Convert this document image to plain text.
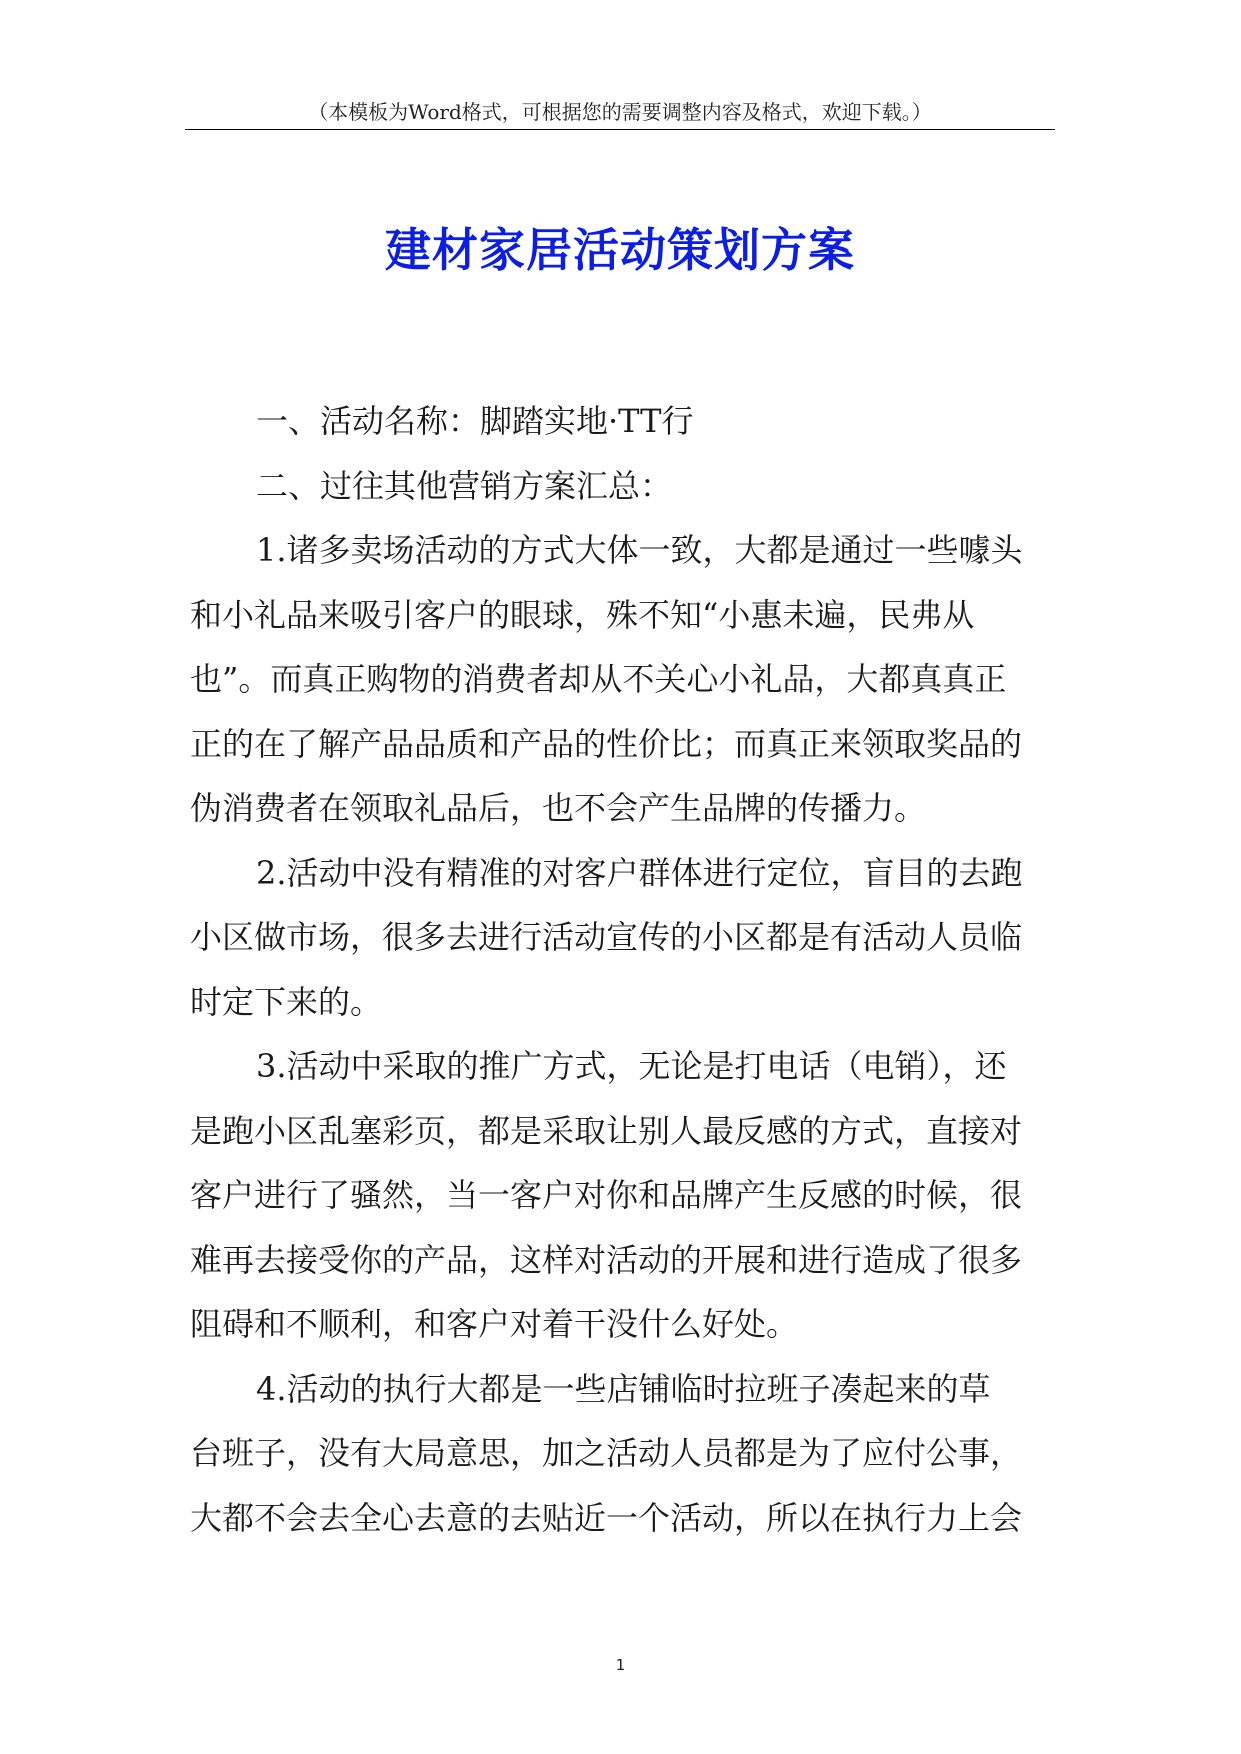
（本模板为Word格式，可根据您的需要调整内容及格式，欢迎下载。）
建材家居活动策划方案
一、活动名称：脚踏实地·TT行
二、过往其他营销方案汇总：
1.诸多卖场活动的方式大体一致，大都是通过一些噱头
和小礼品来吸引客户的眼球，殊不知“小惠未遍，民弗从
也”。而真正购物的消费者却从不关心小礼品，大都真真正
正的在了解产品品质和产品的性价比；而真正来领取奖品的
伪消费者在领取礼品后，也不会产生品牌的传播力。
2.活动中没有精准的对客户群体进行定位，盲目的去跑
小区做市场，很多去进行活动宣传的小区都是有活动人员临
时定下来的。
3.活动中采取的推广方式，无论是打电话（电销），还
是跑小区乱塞彩页，都是采取让别人最反感的方式，直接对
客户进行了骚然，当一客户对你和品牌产生反感的时候，很
难再去接受你的产品，这样对活动的开展和进行造成了很多
阻碍和不顺利，和客户对着干没什么好处。
4.活动的执行大都是一些店铺临时拉班子凑起来的草
台班子，没有大局意思，加之活动人员都是为了应付公事，
大都不会去全心去意的去贴近一个活动，所以在执行力上会
1
